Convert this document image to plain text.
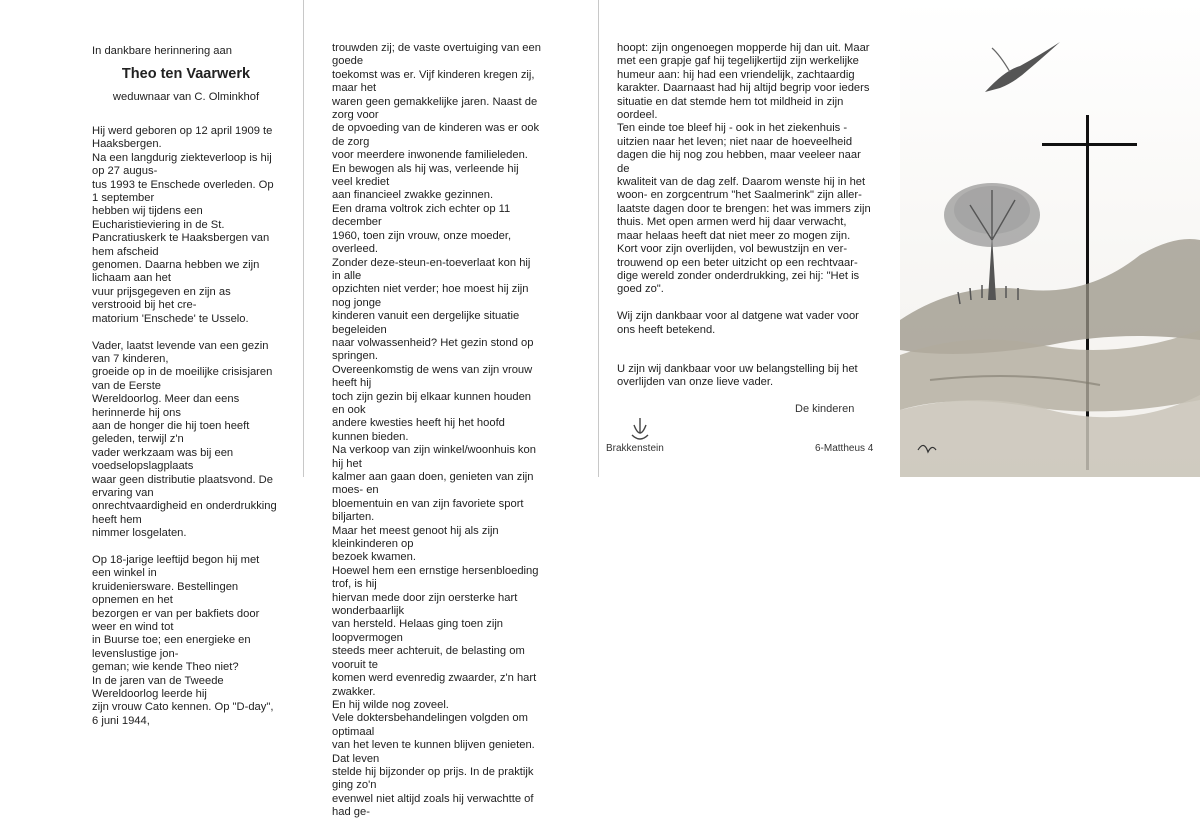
In dankbare herinnering aan
Theo ten Vaarwerk
weduwnaar van C. Olminkhof

Hij werd geboren op 12 april 1909 te Haaksbergen.

Na een langdurig ziekteverloop is hij op 27 augus-

tus 1993 te Enschede overleden. Op 1 september

hebben wij tijdens een Eucharistieviering in de St.

Pancratiuskerk te Haaksbergen van hem afscheid

genomen. Daarna hebben we zijn lichaam aan het

vuur prijsgegeven en zijn as verstrooid bij het cre-

matorium 'Enschede' te Usselo.

Vader, laatst levende van een gezin van 7 kinderen,

groeide op in de moeilijke crisisjaren van de Eerste

Wereldoorlog. Meer dan eens herinnerde hij ons

aan de honger die hij toen heeft geleden, terwijl z'n

vader werkzaam was bij een voedselopslagplaats

waar geen distributie plaatsvond. De ervaring van

onrechtvaardigheid en onderdrukking heeft hem

nimmer losgelaten.

Op 18-jarige leeftijd begon hij met een winkel in

kruideniersware. Bestellingen opnemen en het

bezorgen er van per bakfiets door weer en wind tot

in Buurse toe; een energieke en levenslustige jon-

geman; wie kende Theo niet?

In de jaren van de Tweede Wereldoorlog leerde hij

zijn vrouw Cato kennen. Op "D-day", 6 juni 1944,

trouwden zij; de vaste overtuiging van een goede

toekomst was er. Vijf kinderen kregen zij, maar het

waren geen gemakkelijke jaren. Naast de zorg voor

de opvoeding van de kinderen was er ook de zorg

voor meerdere inwonende familieleden.

En bewogen als hij was, verleende hij veel krediet

aan financieel zwakke gezinnen.

Een drama voltrok zich echter op 11 december

1960, toen zijn vrouw, onze moeder, overleed.

Zonder deze-steun-en-toeverlaat kon hij in alle

opzichten niet verder; hoe moest hij zijn nog jonge

kinderen vanuit een dergelijke situatie begeleiden

naar volwassenheid? Het gezin stond op springen.

Overeenkomstig de wens van zijn vrouw heeft hij

toch zijn gezin bij elkaar kunnen houden en ook

andere kwesties heeft hij het hoofd kunnen bieden.

Na verkoop van zijn winkel/woonhuis kon hij het

kalmer aan gaan doen, genieten van zijn moes- en

bloementuin en van zijn favoriete sport biljarten.

Maar het meest genoot hij als zijn kleinkinderen op

bezoek kwamen.

Hoewel hem een ernstige hersenbloeding trof, is hij

hiervan mede door zijn oersterke hart wonderbaarlijk

van hersteld. Helaas ging toen zijn loopvermogen

steeds meer achteruit, de belasting om vooruit te

komen werd evenredig zwaarder, z'n hart zwakker.

En hij wilde nog zoveel.

Vele doktersbehandelingen volgden om optimaal

van het leven te kunnen blijven genieten. Dat leven

stelde hij bijzonder op prijs. In de praktijk ging zo'n

evenwel niet altijd zoals hij verwachtte of had ge-

hoopt: zijn ongenoegen mopperde hij dan uit. Maar

met een grapje gaf hij tegelijkertijd zijn werkelijke

humeur aan: hij had een vriendelijk, zachtaardig

karakter. Daarnaast had hij altijd begrip voor ieders

situatie en dat stemde hem tot mildheid in zijn

oordeel.

Ten einde toe bleef hij - ook in het ziekenhuis -

uitzien naar het leven; niet naar de hoeveelheid

dagen die hij nog zou hebben, maar veeleer naar de

kwaliteit van de dag zelf. Daarom wenste hij in het

woon- en zorgcentrum "het Saalmerink" zijn aller-

laatste dagen door te brengen: het was immers zijn

thuis. Met open armen werd hij daar verwacht,

maar helaas heeft dat niet meer zo mogen zijn.

Kort voor zijn overlijden, vol bewustzijn en ver-

trouwend op een beter uitzicht op een rechtvaar-

dige wereld zonder onderdrukking, zei hij: "Het is

goed zo".

Wij zijn dankbaar voor al datgene wat vader voor

ons heeft betekend.

U zijn wij dankbaar voor uw belangstelling bij het

overlijden van onze lieve vader.

De kinderen
Brakkenstein	6-Mattheus 4
